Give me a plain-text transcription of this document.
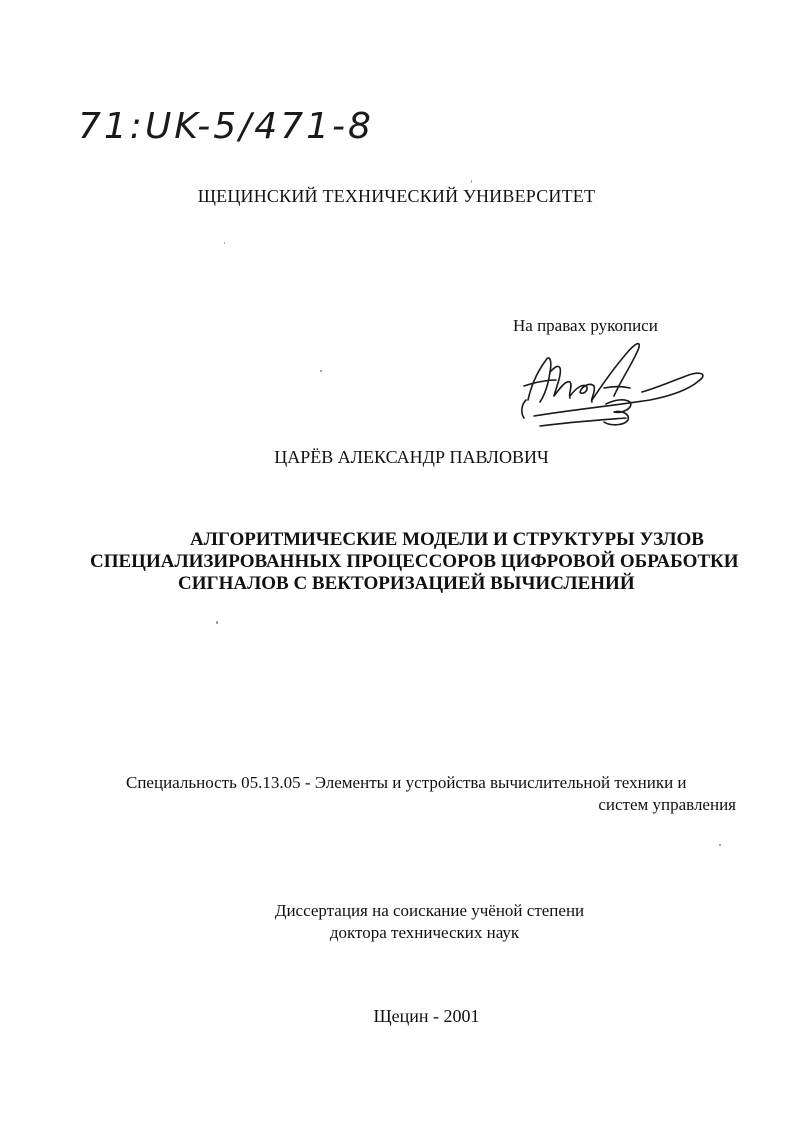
71:UK-5/471-8
ЩЕЦИНСКИЙ ТЕХНИЧЕСКИЙ УНИВЕРСИТЕТ
На правах рукописи
ЦАРЁВ АЛЕКСАНДР ПАВЛОВИЧ
АЛГОРИТМИЧЕСКИЕ МОДЕЛИ И СТРУКТУРЫ УЗЛОВ
СПЕЦИАЛИЗИРОВАННЫХ ПРОЦЕССОРОВ ЦИФРОВОЙ ОБРАБОТКИ
СИГНАЛОВ С ВЕКТОРИЗАЦИЕЙ ВЫЧИСЛЕНИЙ
Специальность 05.13.05 - Элементы и устройства вычислительной техники и
систем управления
Диссертация на соискание учёной степени
доктора технических наук
Щецин - 2001
